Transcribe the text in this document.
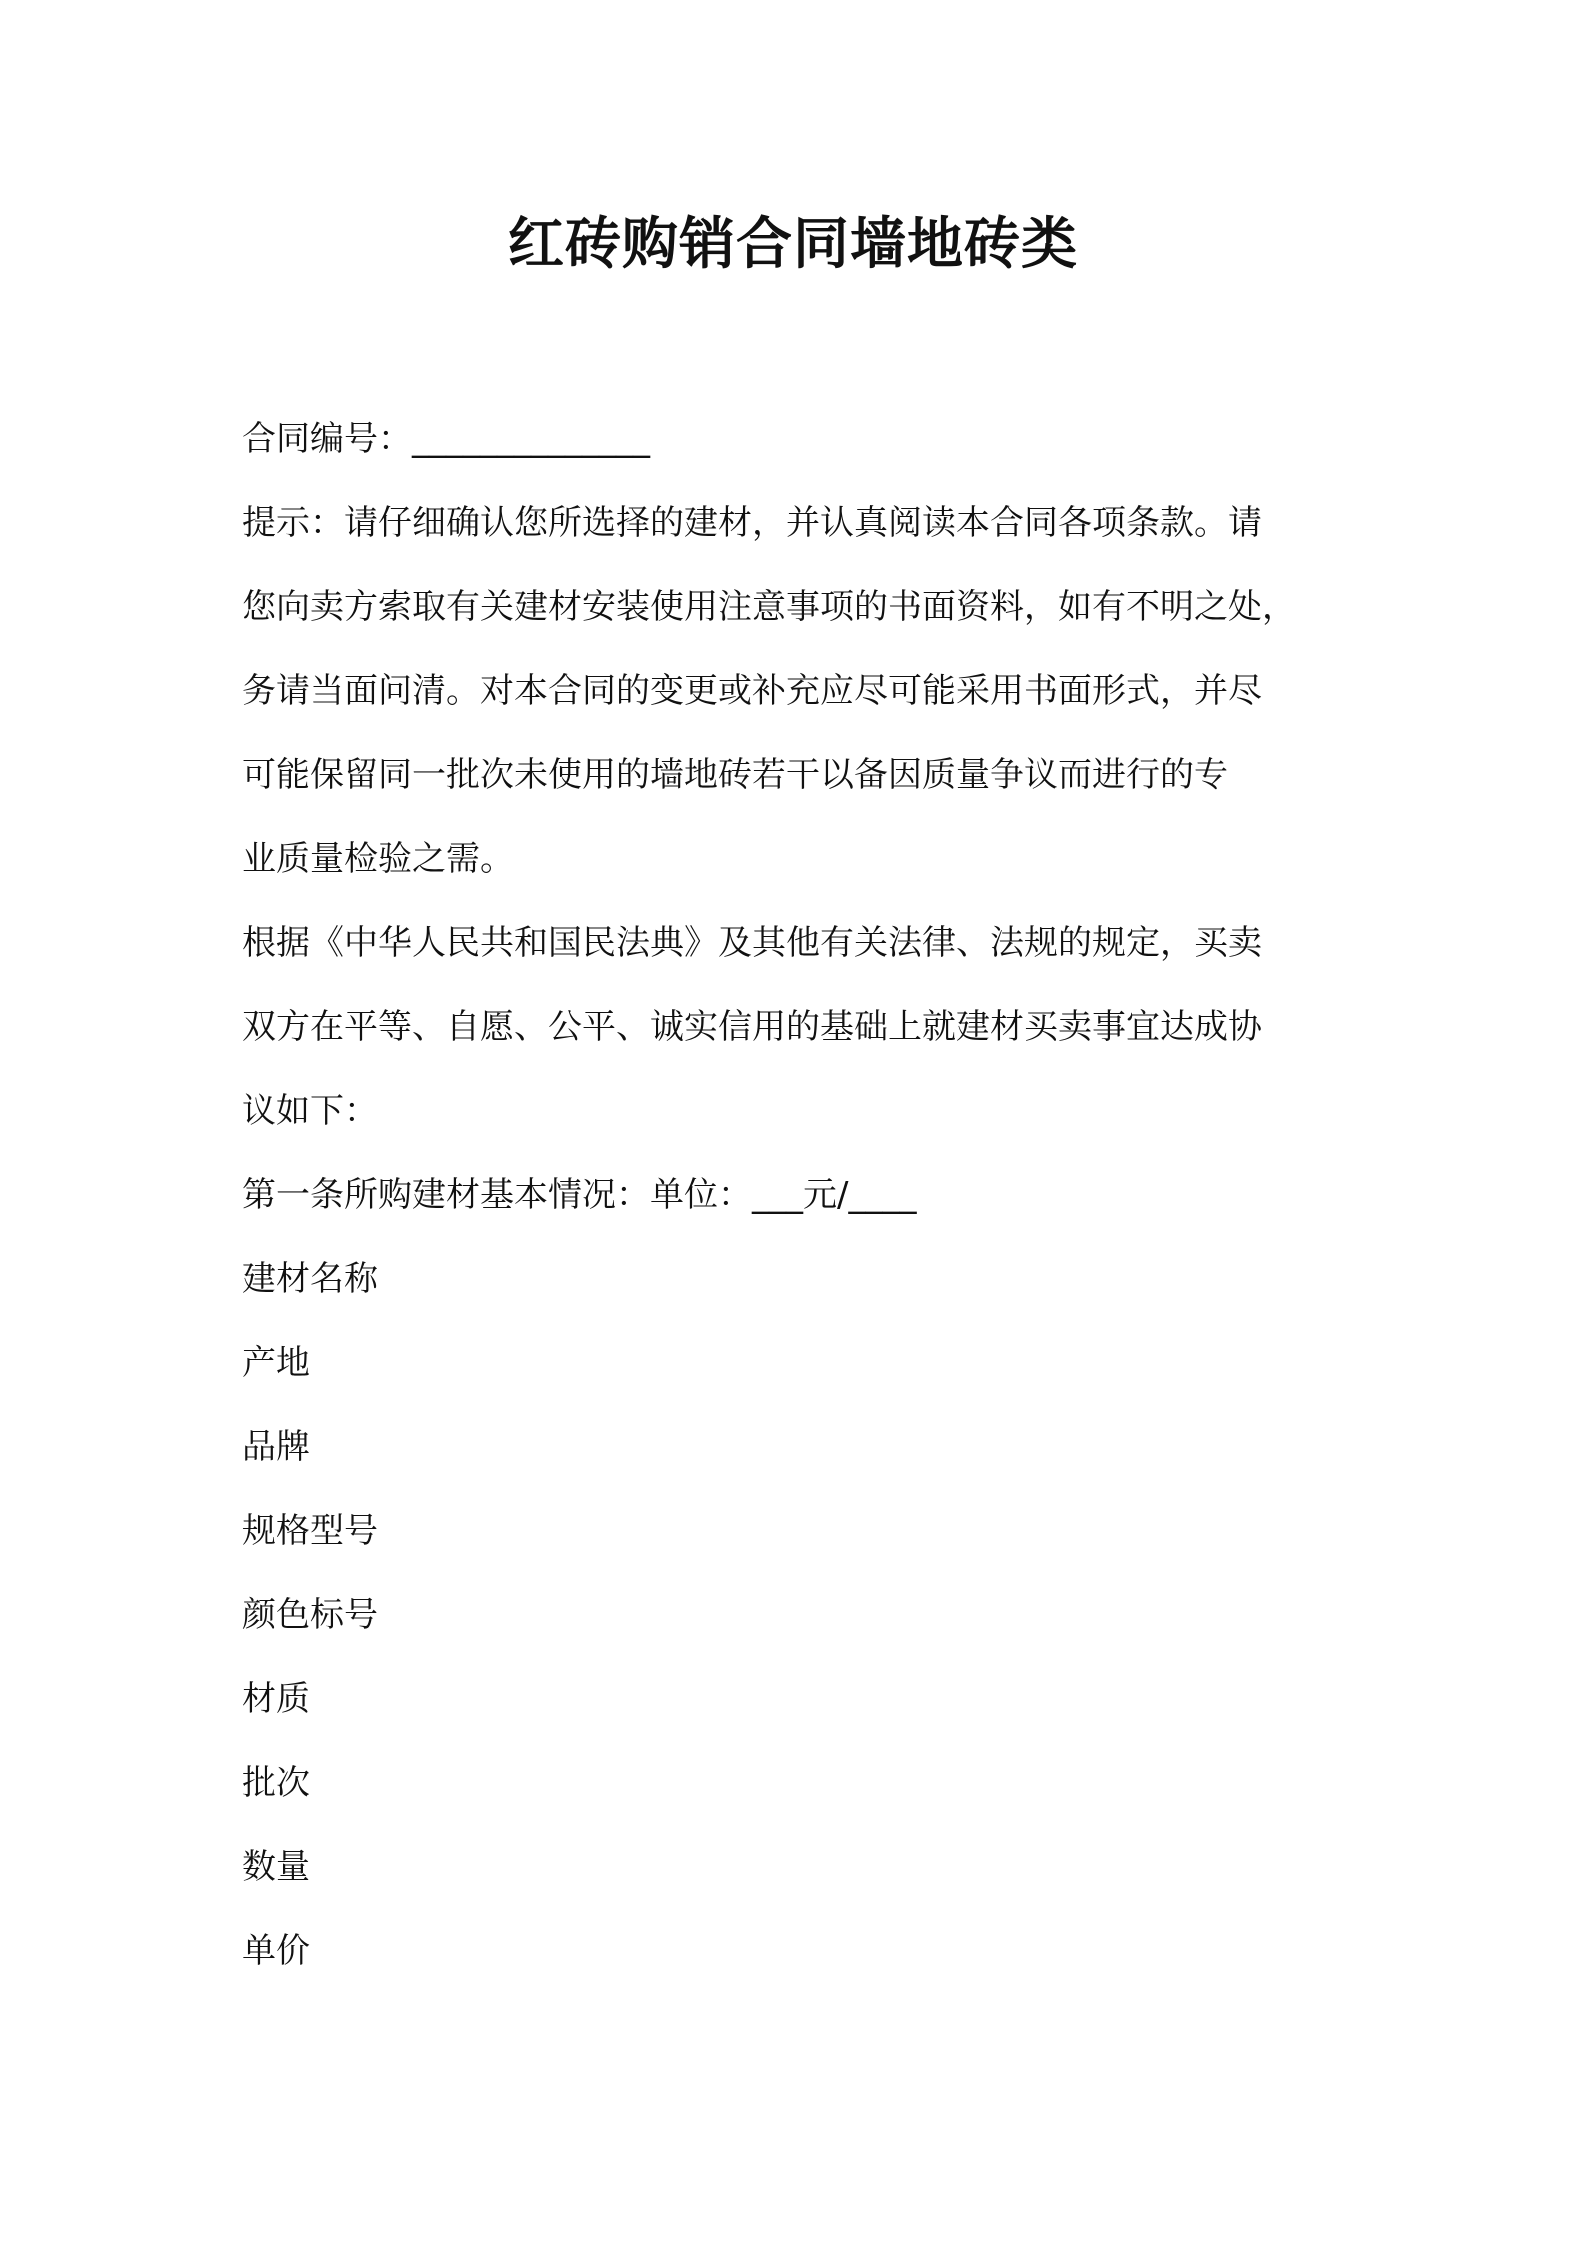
红砖购销合同墙地砖类
合同编号：______________
提示：请仔细确认您所选择的建材，并认真阅读本合同各项条款。请
您向卖方索取有关建材安装使用注意事项的书面资料，如有不明之处，
务请当面问清。对本合同的变更或补充应尽可能采用书面形式，并尽
可能保留同一批次未使用的墙地砖若干以备因质量争议而进行的专
业质量检验之需。
根据《中华人民共和国民法典》及其他有关法律、法规的规定，买卖
双方在平等、自愿、公平、诚实信用的基础上就建材买卖事宜达成协
议如下：
第一条所购建材基本情况：单位：___元/____
建材名称
产地
品牌
规格型号
颜色标号
材质
批次
数量
单价
